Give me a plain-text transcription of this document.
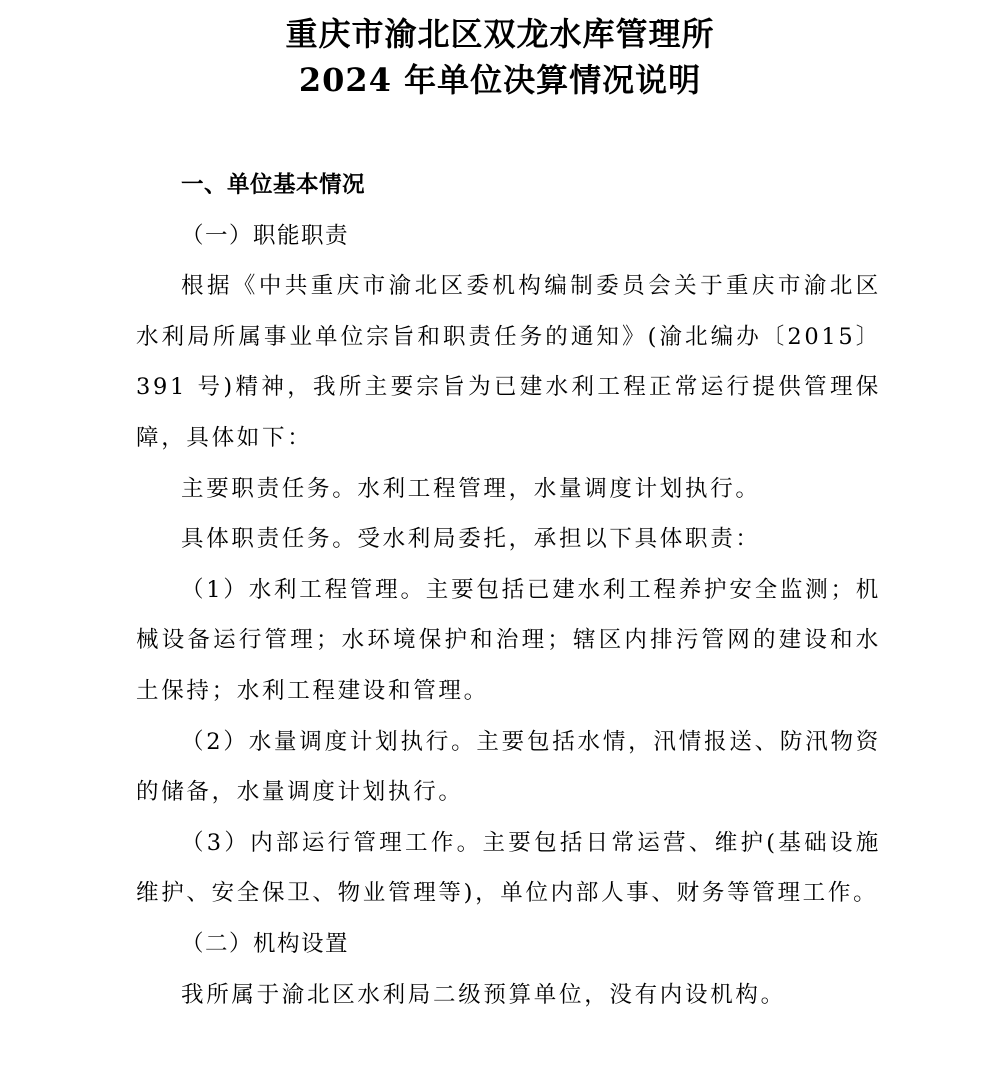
重庆市渝北区双龙水库管理所
2024 年单位决算情况说明

一、单位基本情况

（一）职能职责

根据《中共重庆市渝北区委机构编制委员会关于重庆市渝北区水利局所属事业单位宗旨和职责任务的通知》(渝北编办〔2015〕391 号)精神，我所主要宗旨为已建水利工程正常运行提供管理保障，具体如下：

主要职责任务。水利工程管理，水量调度计划执行。

具体职责任务。受水利局委托，承担以下具体职责：

（1）水利工程管理。主要包括已建水利工程养护安全监测；机械设备运行管理；水环境保护和治理；辖区内排污管网的建设和水土保持；水利工程建设和管理。

（2）水量调度计划执行。主要包括水情，汛情报送、防汛物资的储备，水量调度计划执行。

（3）内部运行管理工作。主要包括日常运营、维护(基础设施维护、安全保卫、物业管理等)，单位内部人事、财务等管理工作。

（二）机构设置

我所属于渝北区水利局二级预算单位，没有内设机构。
